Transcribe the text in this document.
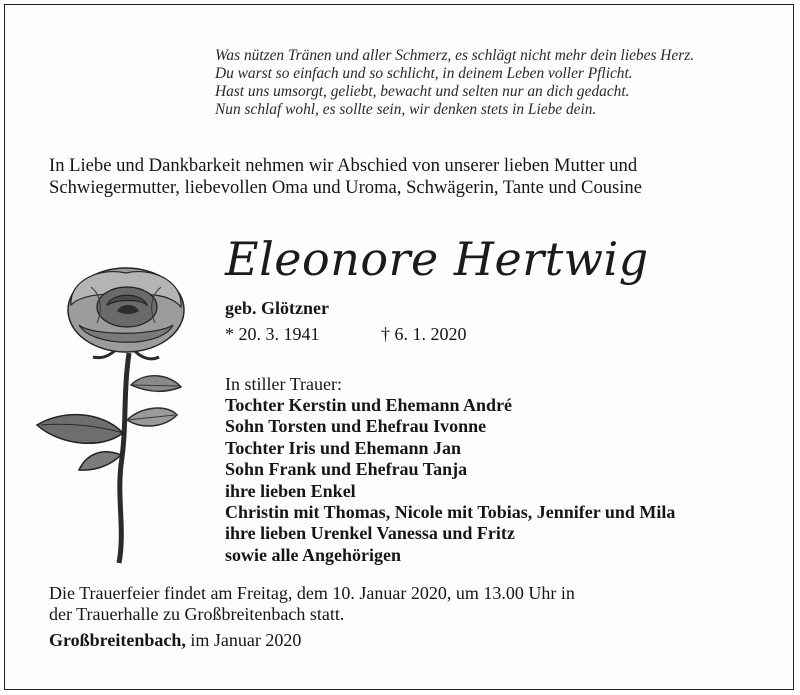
Was nützen Tränen und aller Schmerz, es schlägt nicht mehr dein liebes Herz.
Du warst so einfach und so schlicht, in deinem Leben voller Pflicht.
Hast uns umsorgt, geliebt, bewacht und selten nur an dich gedacht.
Nun schlaf wohl, es sollte sein, wir denken stets in Liebe dein.
In Liebe und Dankbarkeit nehmen wir Abschied von unserer lieben Mutter und
Schwiegermutter, liebevollen Oma und Uroma, Schwägerin, Tante und Cousine
Eleonore Hertwig
geb. Glötzner
* 20. 3. 1941	† 6. 1. 2020
In stiller Trauer:
Tochter Kerstin und Ehemann André
Sohn Torsten und Ehefrau Ivonne
Tochter Iris und Ehemann Jan
Sohn Frank und Ehefrau Tanja
ihre lieben Enkel
Christin mit Thomas, Nicole mit Tobias, Jennifer und Mila
ihre lieben Urenkel Vanessa und Fritz
sowie alle Angehörigen
Die Trauerfeier findet am Freitag, dem 10. Januar 2020, um 13.00 Uhr in
der Trauerhalle zu Großbreitenbach statt.
Großbreitenbach, im Januar 2020
